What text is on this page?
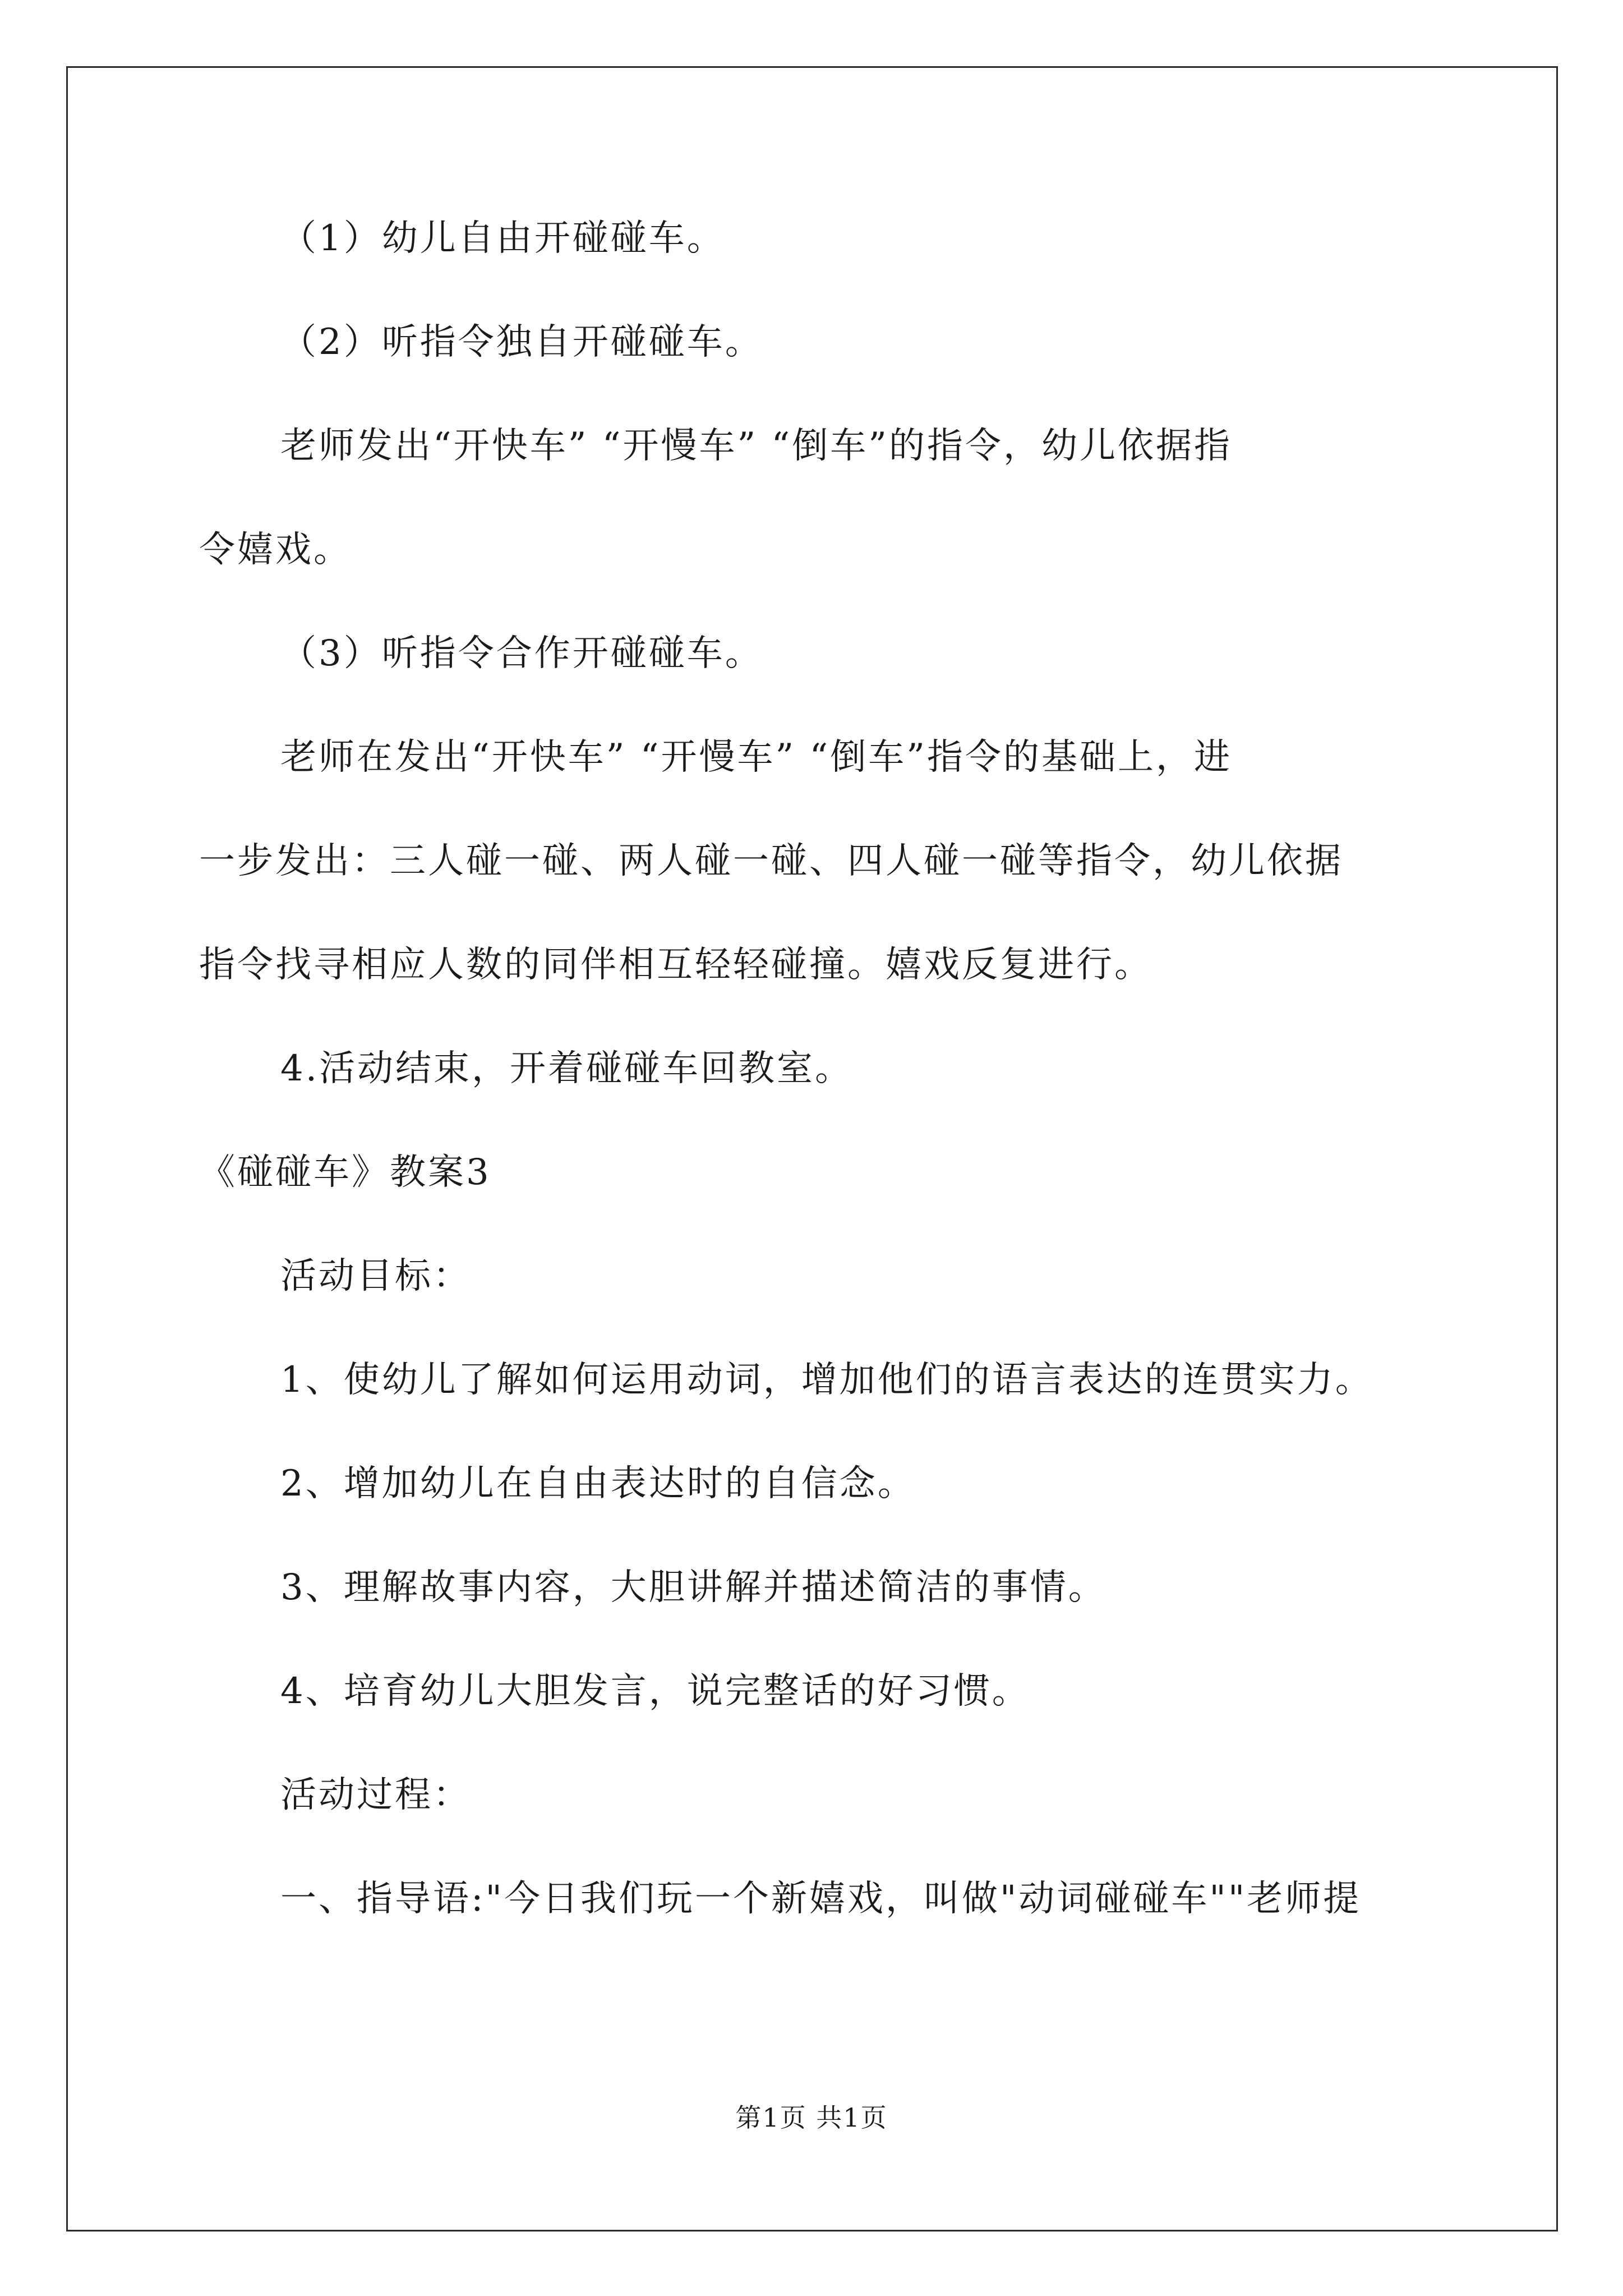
（1）幼儿自由开碰碰车。

（2）听指令独自开碰碰车。

老师发出“开快车” “开慢车” “倒车”的指令，幼儿依据指

令嬉戏。

（3）听指令合作开碰碰车。

老师在发出“开快车” “开慢车” “倒车”指令的基础上，进

一步发出：三人碰一碰、两人碰一碰、四人碰一碰等指令，幼儿依据

指令找寻相应人数的同伴相互轻轻碰撞。嬉戏反复进行。

4.活动结束，开着碰碰车回教室。

《碰碰车》教案3

活动目标：

1、使幼儿了解如何运用动词，增加他们的语言表达的连贯实力。

2、增加幼儿在自由表达时的自信念。

3、理解故事内容，大胆讲解并描述简洁的事情。

4、培育幼儿大胆发言，说完整话的好习惯。

活动过程：

一、指导语:"今日我们玩一个新嬉戏，叫做"动词碰碰车""老师提

第1页 共1页
